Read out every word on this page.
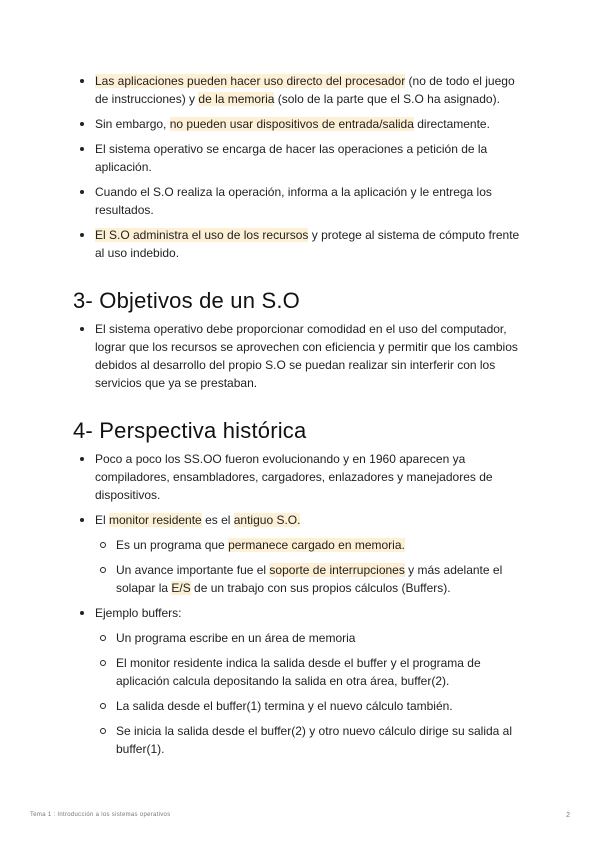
Las aplicaciones pueden hacer uso directo del procesador (no de todo el juego de instrucciones) y de la memoria (solo de la parte que el S.O ha asignado).
Sin embargo, no pueden usar dispositivos de entrada/salida directamente.
El sistema operativo se encarga de hacer las operaciones a petición de la aplicación.
Cuando el S.O realiza la operación, informa a la aplicación y le entrega los resultados.
El S.O administra el uso de los recursos y protege al sistema de cómputo frente al uso indebido.
3- Objetivos de un S.O
El sistema operativo debe proporcionar comodidad en el uso del computador, lograr que los recursos se aprovechen con eficiencia y permitir que los cambios debidos al desarrollo del propio S.O se puedan realizar sin interferir con los servicios que ya se prestaban.
4- Perspectiva histórica
Poco a poco los SS.OO fueron evolucionando y en 1960 aparecen ya compiladores, ensambladores, cargadores, enlazadores y manejadores de dispositivos.
El monitor residente es el antiguo S.O.
Es un programa que permanece cargado en memoria.
Un avance importante fue el soporte de interrupciones y más adelante el solapar la E/S de un trabajo con sus propios cálculos (Buffers).
Ejemplo buffers:
Un programa escribe en un área de memoria
El monitor residente indica la salida desde el buffer y el programa de aplicación calcula depositando la salida en otra área, buffer(2).
La salida desde el buffer(1) termina y el nuevo cálculo también.
Se inicia la salida desde el buffer(2) y otro nuevo cálculo dirige su salida al buffer(1).
Tema 1 : Introducción a los sistemas operativos	2
